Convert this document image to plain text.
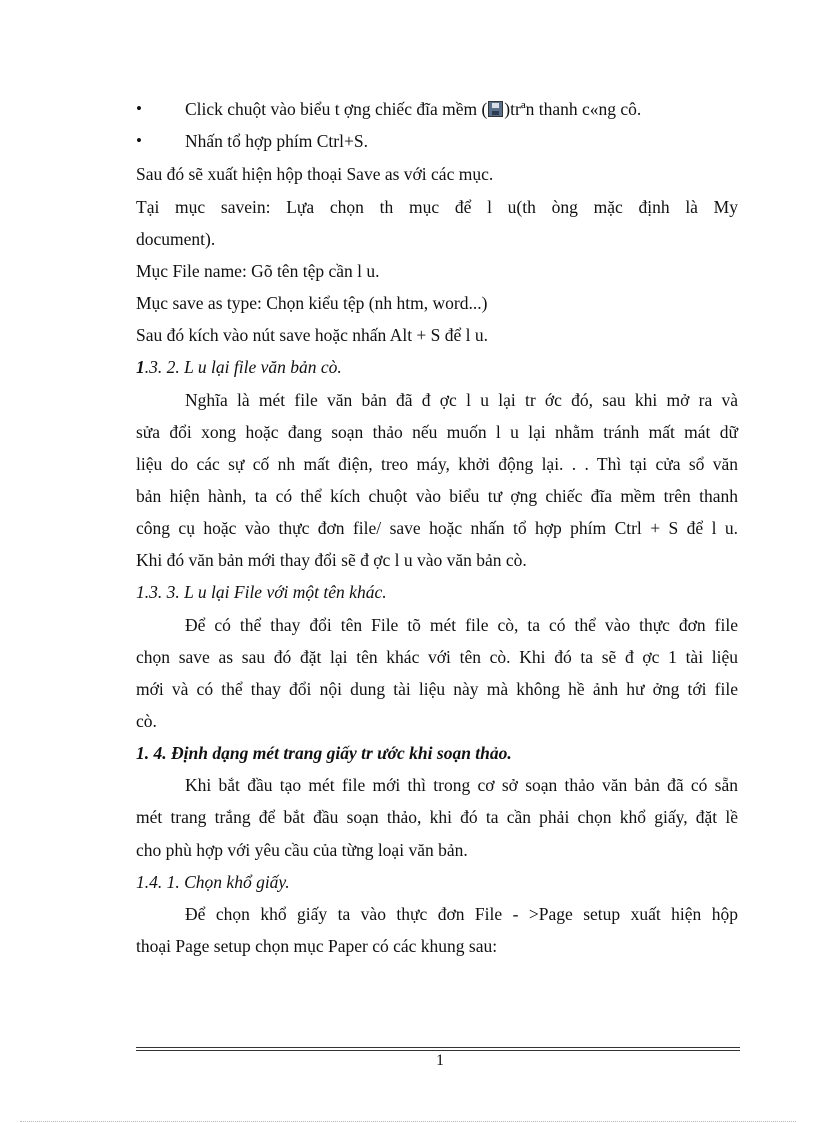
• Click chuột vào biểu t ợng chiếc đĩa mềm ( )trªn thanh c«ng cô.
• Nhấn tổ hợp phím Ctrl+S.
Sau đó sẽ xuất hiện hộp thoại Save as với các mục.
Tại mục savein: Lựa chọn th mục để l u(th òng mặc định là My
document).
Mục File name: Gõ tên tệp cần l u.
Mục save as type: Chọn kiểu tệp (nh htm, word...)
Sau đó kích vào nút save hoặc nhấn Alt + S để l u.
1.3. 2. L u lại file văn bản cò.
Nghĩa là mét file văn bản đã đ ợc l u lại tr ớc đó, sau khi mở ra và
sửa đổi xong hoặc đang soạn thảo nếu muốn l u lại nhằm tránh mất mát dữ
liệu do các sự cố nh mất điện, treo máy, khởi động lại. . . Thì tại cửa sổ văn
bản hiện hành, ta có thể kích chuột vào biểu tư ợng chiếc đĩa mềm trên thanh
công cụ hoặc vào thực đơn file/ save hoặc nhấn tổ hợp phím Ctrl + S để l u.
Khi đó văn bản mới thay đổi sẽ đ ợc l u vào văn bản cò.
1.3. 3. L u lại File với một tên khác.
Để có thể thay đổi tên File tõ mét file cò, ta có thể vào thực đơn file
chọn save as sau đó đặt lại tên khác với tên cò. Khi đó ta sẽ đ ợc 1 tài liệu
mới và có thể thay đổi nội dung tài liệu này mà không hề ảnh hư ởng tới file
cò.
1. 4. Định dạng mét trang giấy tr ước khi soạn thảo.
Khi bắt đầu tạo mét file mới thì trong cơ sở soạn thảo văn bản đã có sẵn
mét trang trắng để bắt đầu soạn thảo, khi đó ta cần phải chọn khổ giấy, đặt lề
cho phù hợp với yêu cầu của từng loại văn bản.
1.4. 1. Chọn khổ giấy.
Để chọn khổ giấy ta vào thực đơn File - >Page setup xuất hiện hộp
thoại Page setup chọn mục Paper có các khung sau:
1
